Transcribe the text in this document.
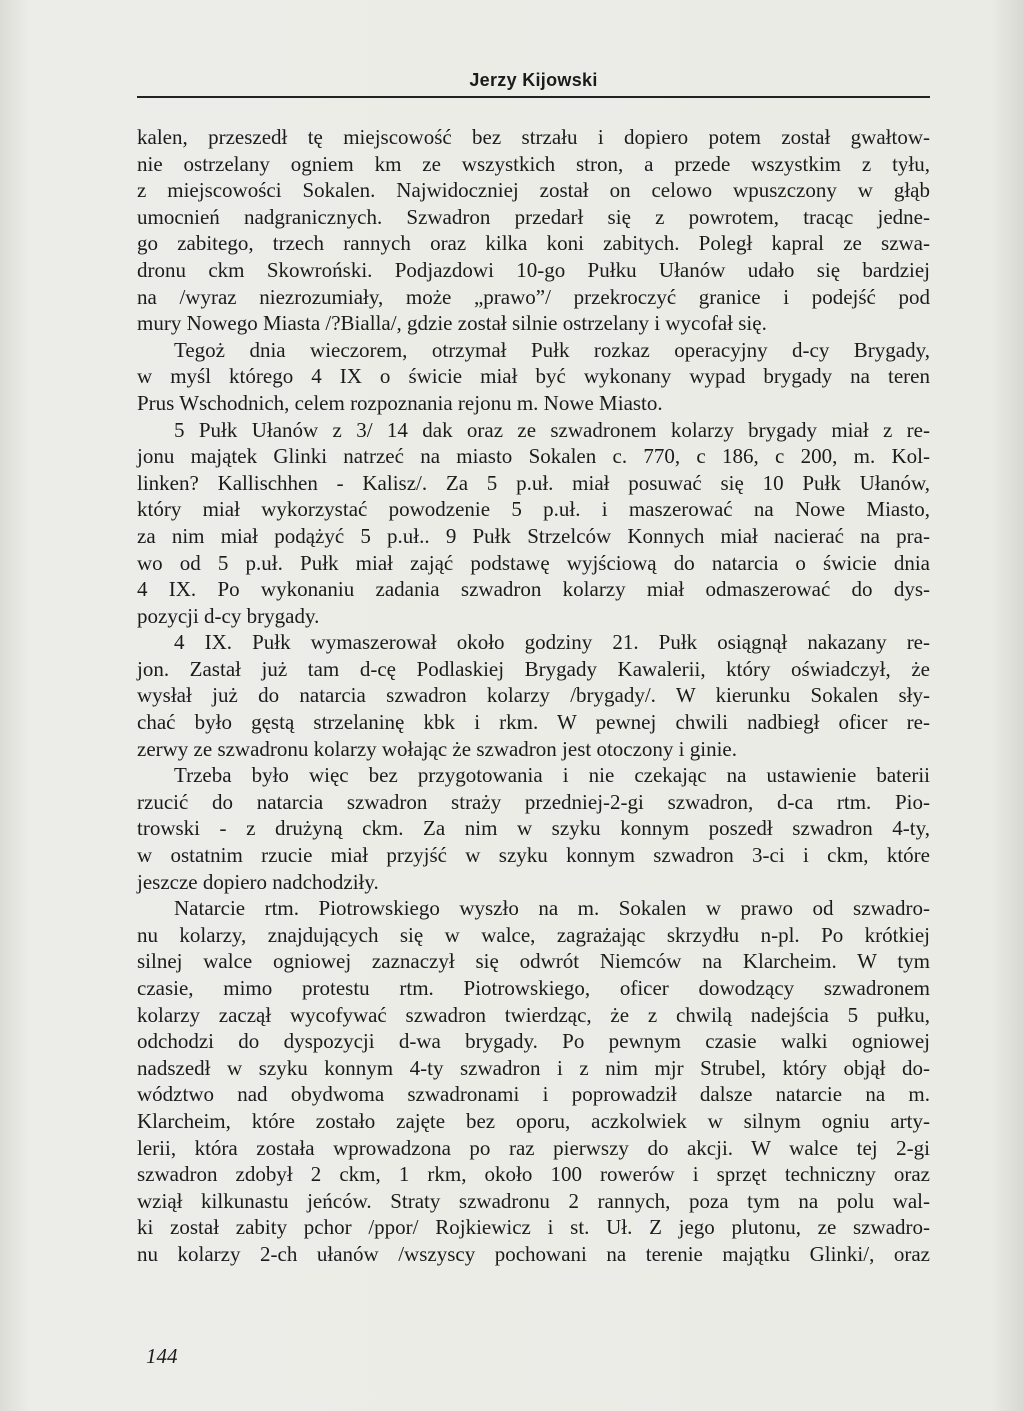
Jerzy Kijowski
kalen, przeszedł tę miejscowość bez strzału i dopiero potem został gwałtow-
nie ostrzelany ogniem km ze wszystkich stron, a przede wszystkim z tyłu,
z miejscowości Sokalen. Najwidoczniej został on celowo wpuszczony w głąb
umocnień nadgranicznych. Szwadron przedarł się z powrotem, tracąc jedne-
go zabitego, trzech rannych oraz kilka koni zabitych. Poległ kapral ze szwa-
dronu ckm Skowroński. Podjazdowi 10-go Pułku Ułanów udało się bardziej
na /wyraz niezrozumiały, może „prawo”/ przekroczyć granice i podejść pod
mury Nowego Miasta /?Bialla/, gdzie został silnie ostrzelany i wycofał się.
Tegoż dnia wieczorem, otrzymał Pułk rozkaz operacyjny d-cy Brygady,
w myśl którego 4 IX o świcie miał być wykonany wypad brygady na teren
Prus Wschodnich, celem rozpoznania rejonu m. Nowe Miasto.
5 Pułk Ułanów z 3/ 14 dak oraz ze szwadronem kolarzy brygady miał z re-
jonu majątek Glinki natrzeć na miasto Sokalen c. 770, c 186, c 200, m. Kol-
linken? Kallischhen - Kalisz/. Za 5 p.uł. miał posuwać się 10 Pułk Ułanów,
który miał wykorzystać powodzenie 5 p.uł. i maszerować na Nowe Miasto,
za nim miał podążyć 5 p.uł.. 9 Pułk Strzelców Konnych miał nacierać na pra-
wo od 5 p.uł. Pułk miał zająć podstawę wyjściową do natarcia o świcie dnia
4 IX. Po wykonaniu zadania szwadron kolarzy miał odmaszerować do dys-
pozycji d-cy brygady.
4 IX. Pułk wymaszerował około godziny 21. Pułk osiągnął nakazany re-
jon. Zastał już tam d-cę Podlaskiej Brygady Kawalerii, który oświadczył, że
wysłał już do natarcia szwadron kolarzy /brygady/. W kierunku Sokalen sły-
chać było gęstą strzelaninę kbk i rkm. W pewnej chwili nadbiegł oficer re-
zerwy ze szwadronu kolarzy wołając że szwadron jest otoczony i ginie.
Trzeba było więc bez przygotowania i nie czekając na ustawienie baterii
rzucić do natarcia szwadron straży przedniej-2-gi szwadron, d-ca rtm. Pio-
trowski - z drużyną ckm. Za nim w szyku konnym poszedł szwadron 4-ty,
w ostatnim rzucie miał przyjść w szyku konnym szwadron 3-ci i ckm, które
jeszcze dopiero nadchodziły.
Natarcie rtm. Piotrowskiego wyszło na m. Sokalen w prawo od szwadro-
nu kolarzy, znajdujących się w walce, zagrażając skrzydłu n-pl. Po krótkiej
silnej walce ogniowej zaznaczył się odwrót Niemców na Klarcheim. W tym
czasie, mimo protestu rtm. Piotrowskiego, oficer dowodzący szwadronem
kolarzy zaczął wycofywać szwadron twierdząc, że z chwilą nadejścia 5 pułku,
odchodzi do dyspozycji d-wa brygady. Po pewnym czasie walki ogniowej
nadszedł w szyku konnym 4-ty szwadron i z nim mjr Strubel, który objął do-
wództwo nad obydwoma szwadronami i poprowadził dalsze natarcie na m.
Klarcheim, które zostało zajęte bez oporu, aczkolwiek w silnym ogniu arty-
lerii, która została wprowadzona po raz pierwszy do akcji. W walce tej 2-gi
szwadron zdobył 2 ckm, 1 rkm, około 100 rowerów i sprzęt techniczny oraz
wziął kilkunastu jeńców. Straty szwadronu 2 rannych, poza tym na polu wal-
ki został zabity pchor /ppor/ Rojkiewicz i st. Uł. Z jego plutonu, ze szwadro-
nu kolarzy 2-ch ułanów /wszyscy pochowani na terenie majątku Glinki/, oraz
144
